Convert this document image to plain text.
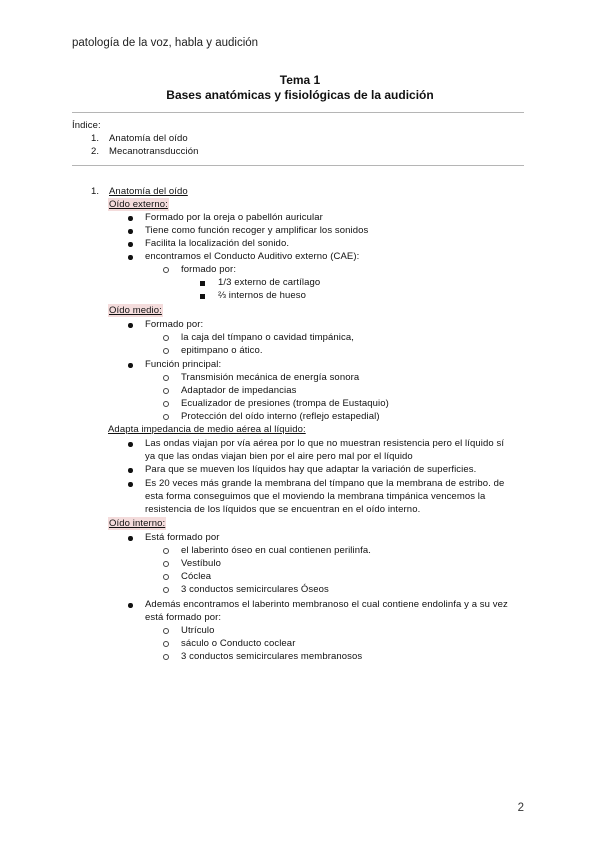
patología de la voz, habla y audición
Tema 1
Bases anatómicas y fisiológicas de la audición
Índice:
1. Anatomía del oído
2. Mecanotransducción
1. Anatomía del oído
Oído externo:
Formado por la oreja o pabellón auricular
Tiene como función recoger y amplificar los sonidos
Facilita la localización del sonido.
encontramos el Conducto Auditivo externo (CAE):
formado por:
1/3 externo de cartílago
⅔ internos de hueso
Oído medio:
Formado por:
la caja del tímpano o cavidad timpánica,
epitimpano o ático.
Función principal:
Transmisión mecánica de energía sonora
Adaptador de impedancias
Ecualizador de presiones (trompa de Eustaquio)
Protección del oído interno (reflejo estapedial)
Adapta impedancia de medio aérea al líquido:
Las ondas viajan por vía aérea por lo que no muestran resistencia pero el líquido sí
ya que las ondas viajan bien por el aire pero mal por el líquido
Para que se mueven los líquidos hay que adaptar la variación de superficies.
Es 20 veces más grande la membrana del tímpano que la membrana de estribo. de
esta forma conseguimos que el moviendo la membrana timpánica vencemos la
resistencia de los líquidos que se encuentran en el oído interno.
Oído interno:
Está formado por
el laberinto óseo en cual contienen perilinfa.
Vestíbulo
Cóclea
3 conductos semicirculares Óseos
Además encontramos el laberinto membranoso el cual contiene endolinfa y a su vez
está formado por:
Utrículo
sáculo o Conducto coclear
3 conductos semicirculares membranosos
2
